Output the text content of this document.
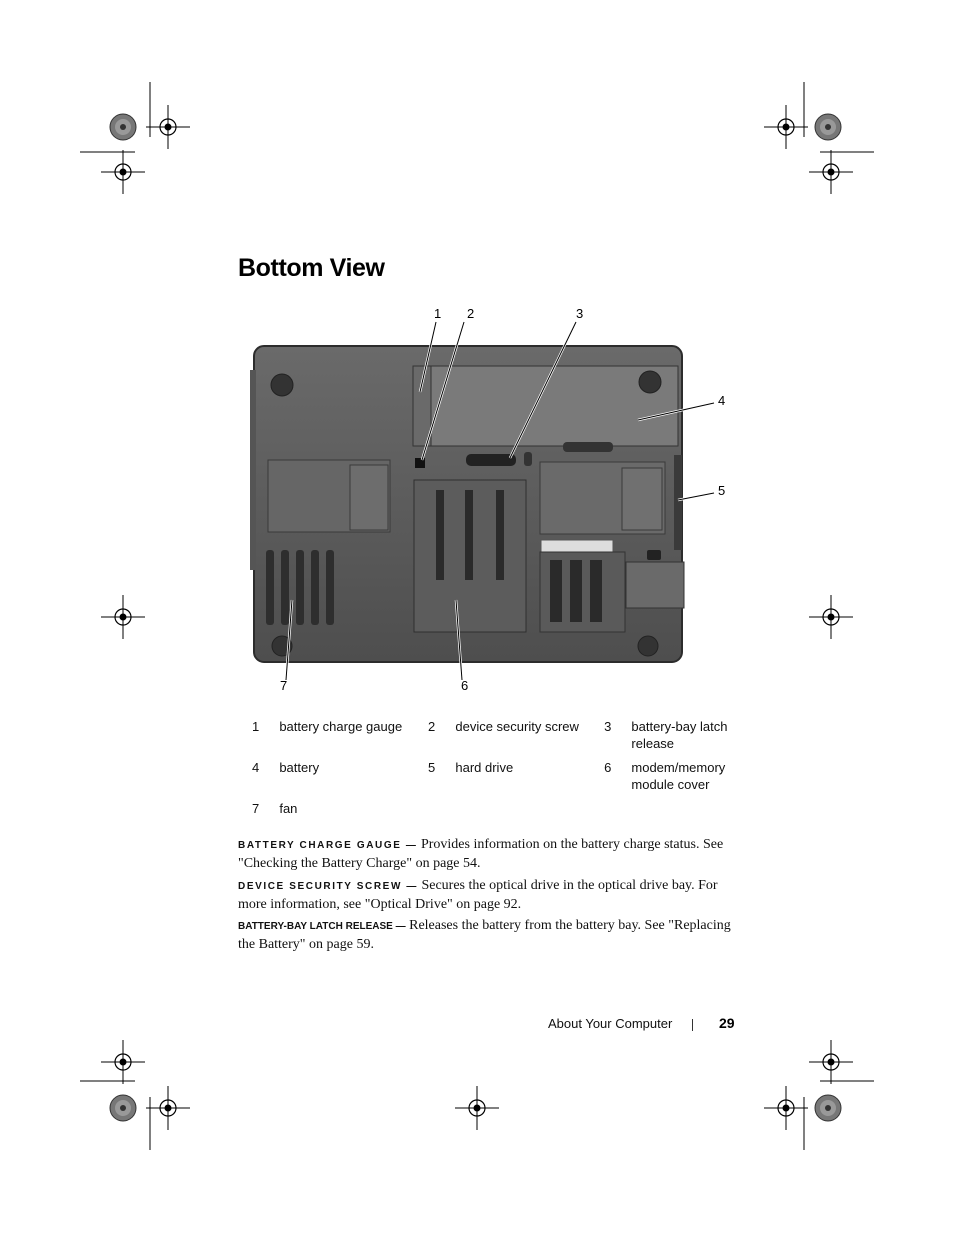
Bottom View
1 2	3
4
5
6
7
1	battery charge gauge	2	device security screw	3	battery-bay latch release
4	battery	5	hard drive	6	modem/memory module cover
7	fan				

BATTERY CHARGE GAUGE — Provides information on the battery charge status. See "Checking the Battery Charge" on page 54.

DEVICE SECURITY SCREW — Secures the optical drive in the optical drive bay. For more information, see "Optical Drive" on page 92.

BATTERY-BAY LATCH RELEASE — Releases the battery from the battery bay. See "Replacing the Battery" on page 59.

About Your Computer	29
